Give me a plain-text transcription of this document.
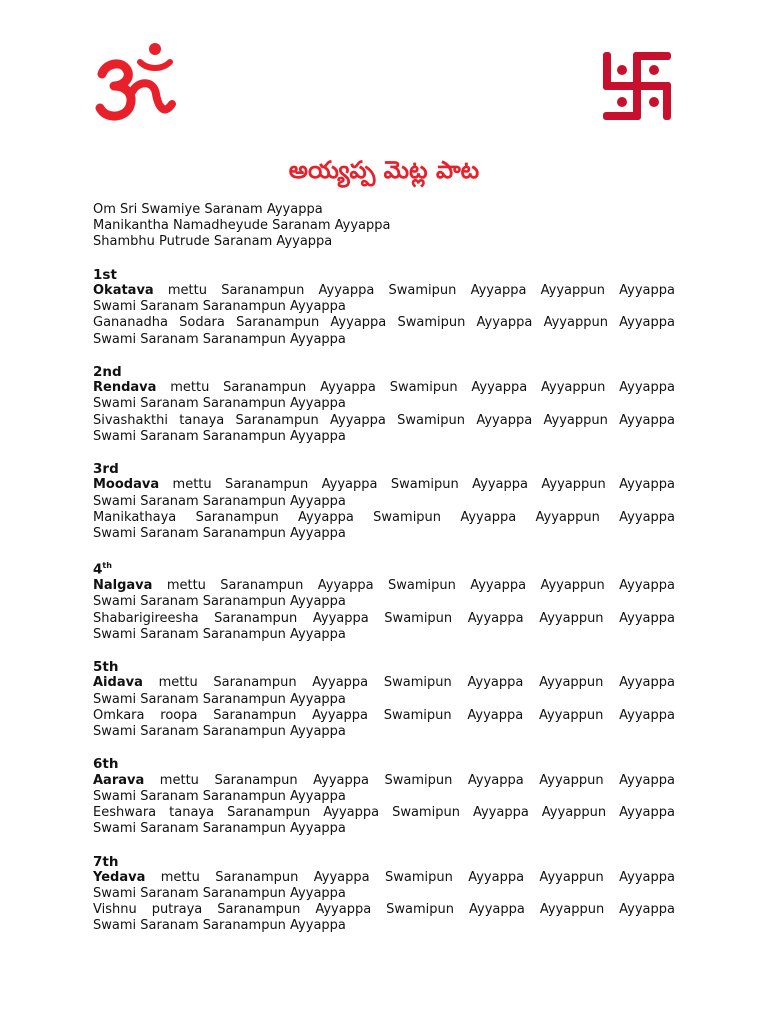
అయ్యప్ప మెట్ల పాట
Om Sri Swamiye Saranam Ayyappa
Manikantha Namadheyude Saranam Ayyappa
Shambhu Putrude Saranam Ayyappa
1st
Okatava mettu Saranampun Ayyappa Swamipun Ayyappa Ayyappun Ayyappa
Swami Saranam Saranampun Ayyappa
Gananadha Sodara Saranampun Ayyappa Swamipun Ayyappa Ayyappun Ayyappa
Swami Saranam Saranampun Ayyappa
2nd
Rendava mettu Saranampun Ayyappa Swamipun Ayyappa Ayyappun Ayyappa
Swami Saranam Saranampun Ayyappa
Sivashakthi tanaya Saranampun Ayyappa Swamipun Ayyappa Ayyappun Ayyappa
Swami Saranam Saranampun Ayyappa
3rd
Moodava mettu Saranampun Ayyappa Swamipun Ayyappa Ayyappun Ayyappa
Swami Saranam Saranampun Ayyappa
Manikathaya Saranampun Ayyappa Swamipun Ayyappa Ayyappun Ayyappa
Swami Saranam Saranampun Ayyappa
4th
Nalgava mettu Saranampun Ayyappa Swamipun Ayyappa Ayyappun Ayyappa
Swami Saranam Saranampun Ayyappa
Shabarigireesha Saranampun Ayyappa Swamipun Ayyappa Ayyappun Ayyappa
Swami Saranam Saranampun Ayyappa
5th
Aidava mettu Saranampun Ayyappa Swamipun Ayyappa Ayyappun Ayyappa
Swami Saranam Saranampun Ayyappa
Omkara roopa Saranampun Ayyappa Swamipun Ayyappa Ayyappun Ayyappa
Swami Saranam Saranampun Ayyappa
6th
Aarava mettu Saranampun Ayyappa Swamipun Ayyappa Ayyappun Ayyappa
Swami Saranam Saranampun Ayyappa
Eeshwara tanaya Saranampun Ayyappa Swamipun Ayyappa Ayyappun Ayyappa
Swami Saranam Saranampun Ayyappa
7th
Yedava mettu Saranampun Ayyappa Swamipun Ayyappa Ayyappun Ayyappa
Swami Saranam Saranampun Ayyappa
Vishnu putraya Saranampun Ayyappa Swamipun Ayyappa Ayyappun Ayyappa
Swami Saranam Saranampun Ayyappa
